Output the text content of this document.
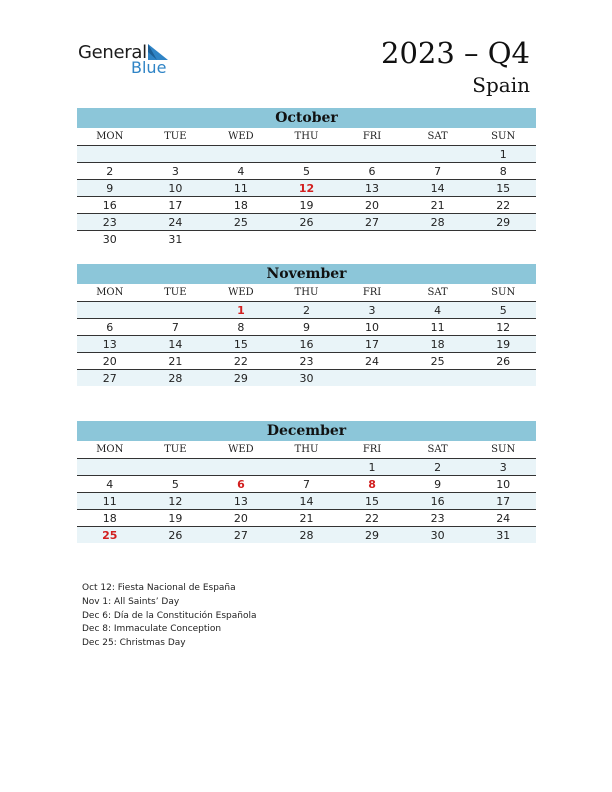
General
Blue	2023 – Q4
Spain
October
MON	TUE	WED	THU	FRI	SAT	SUN
						1
2	3	4	5	6	7	8
9	10	11	12	13	14	15
16	17	18	19	20	21	22
23	24	25	26	27	28	29
30	31					
November
MON	TUE	WED	THU	FRI	SAT	SUN
		1	2	3	4	5
6	7	8	9	10	11	12
13	14	15	16	17	18	19
20	21	22	23	24	25	26
27	28	29	30			
December
MON	TUE	WED	THU	FRI	SAT	SUN
				1	2	3
4	5	6	7	8	9	10
11	12	13	14	15	16	17
18	19	20	21	22	23	24
25	26	27	28	29	30	31
Oct 12: Fiesta Nacional de España
Nov 1: All Saints’ Day
Dec 6: Día de la Constitución Española
Dec 8: Immaculate Conception
Dec 25: Christmas Day
